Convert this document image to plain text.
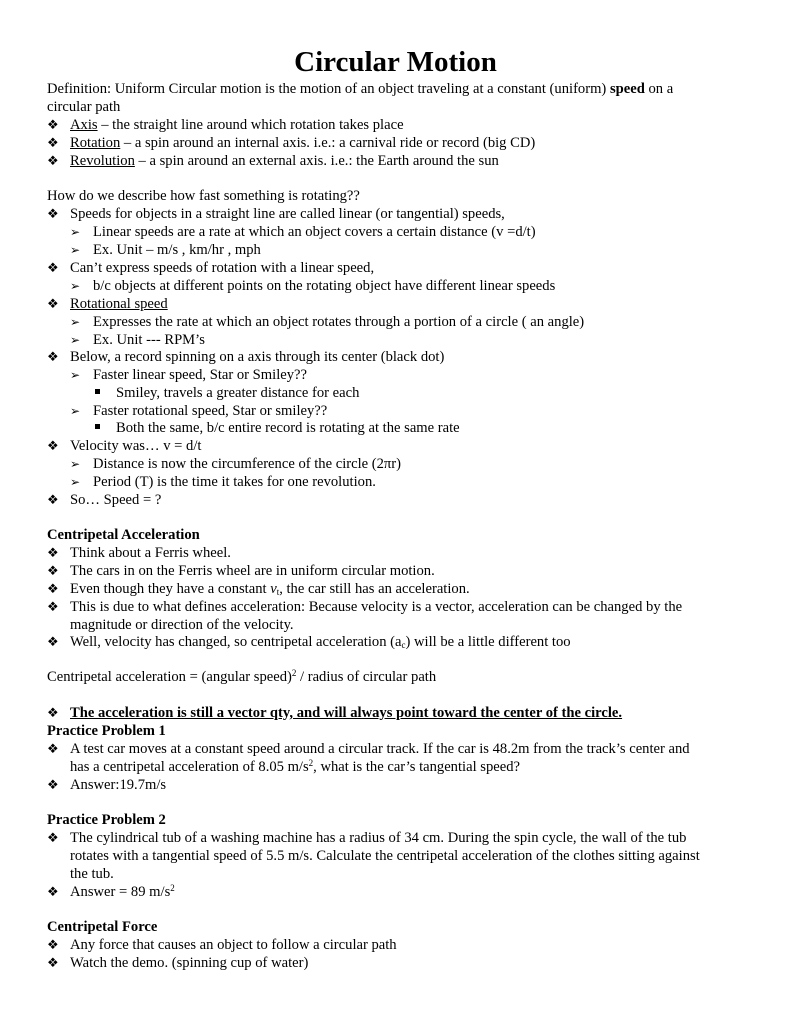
Circular Motion
Definition: Uniform Circular motion is the motion of an object traveling at a constant (uniform) speed on a
circular path
❖ Axis – the straight line around which rotation takes place
❖ Rotation – a spin around an internal axis. i.e.: a carnival ride or record (big CD)
❖ Revolution – a spin around an external axis. i.e.: the Earth around the sun
How do we describe how fast something is rotating??
❖ Speeds for objects in a straight line are called linear (or tangential) speeds,
➢ Linear speeds are a rate at which an object covers a certain distance (v =d/t)
➢ Ex. Unit – m/s , km/hr , mph
❖ Can’t express speeds of rotation with a linear speed,
➢ b/c objects at different points on the rotating object have different linear speeds
❖ Rotational speed
➢ Expresses the rate at which an object rotates through a portion of a circle ( an angle)
➢ Ex. Unit --- RPM’s
❖ Below, a record spinning on a axis through its center (black dot)
➢ Faster linear speed, Star or Smiley??
Smiley, travels a greater distance for each
➢ Faster rotational speed, Star or smiley??
Both the same, b/c entire record is rotating at the same rate
❖ Velocity was… v = d/t
➢ Distance is now the circumference of the circle (2πr)
➢ Period (T) is the time it takes for one revolution.
❖ So… Speed = ?
Centripetal Acceleration
❖ Think about a Ferris wheel.
❖ The cars in on the Ferris wheel are in uniform circular motion.
❖ Even though they have a constant $v_t$, the car still has an acceleration.
❖ This is due to what defines acceleration: Because velocity is a vector, acceleration can be changed by the
magnitude or direction of the velocity.
❖ Well, velocity has changed, so centripetal acceleration $(a_c)$ will be a little different too
Centripetal acceleration = (angular speed)$^2$ / radius of circular path
❖ The acceleration is still a vector qty, and will always point toward the center of the circle.
Practice Problem 1
❖ A test car moves at a constant speed around a circular track. If the car is 48.2m from the track’s center and
has a centripetal acceleration of 8.05 $m/s^2$, what is the car’s tangential speed?
❖ Answer:19.7m/s
Practice Problem 2
❖ The cylindrical tub of a washing machine has a radius of 34 cm. During the spin cycle, the wall of the tub
rotates with a tangential speed of 5.5 m/s. Calculate the centripetal acceleration of the clothes sitting against
the tub.
❖ Answer = 89 $m/s^2$
Centripetal Force
❖ Any force that causes an object to follow a circular path
❖ Watch the demo. (spinning cup of water)
